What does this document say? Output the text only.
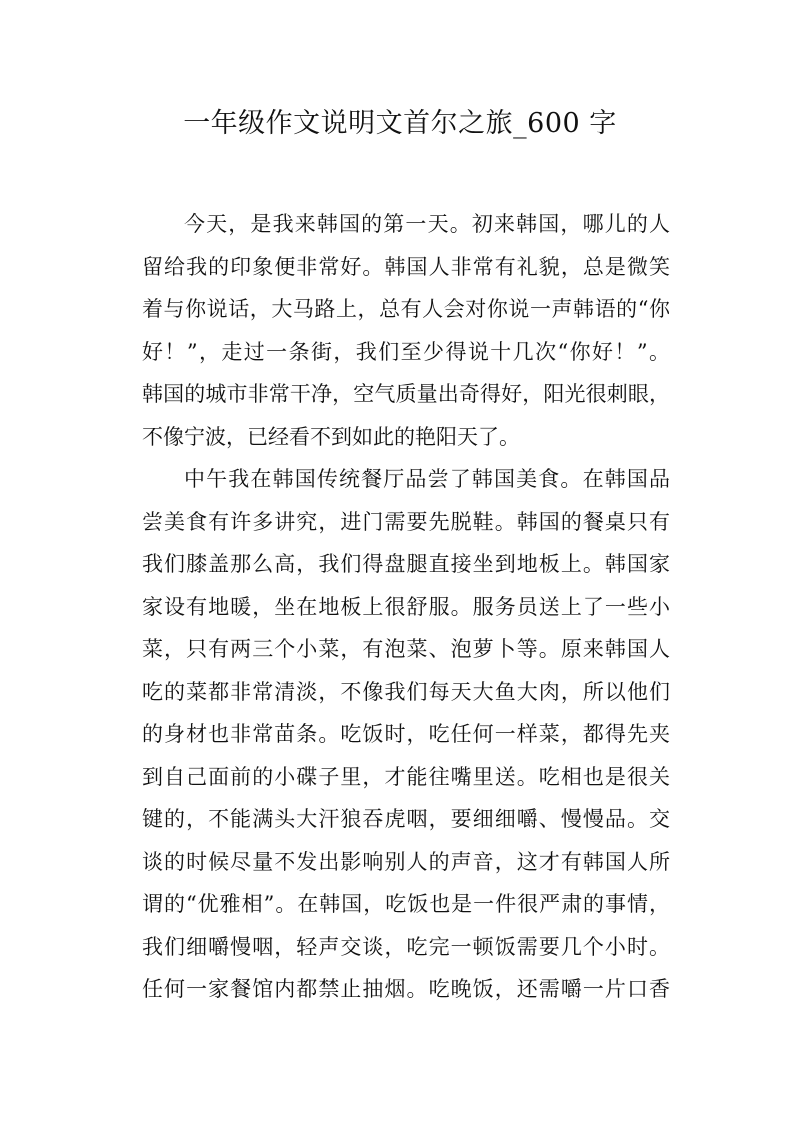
一年级作文说明文首尔之旅_600 字
今天，是我来韩国的第一天。初来韩国，哪儿的人
留给我的印象便非常好。韩国人非常有礼貌，总是微笑
着与你说话，大马路上，总有人会对你说一声韩语的“你
好！”，走过一条街，我们至少得说十几次“你好！”。
韩国的城市非常干净，空气质量出奇得好，阳光很刺眼，
不像宁波，已经看不到如此的艳阳天了。
中午我在韩国传统餐厅品尝了韩国美食。在韩国品
尝美食有许多讲究，进门需要先脱鞋。韩国的餐桌只有
我们膝盖那么高，我们得盘腿直接坐到地板上。韩国家
家设有地暖，坐在地板上很舒服。服务员送上了一些小
菜，只有两三个小菜，有泡菜、泡萝卜等。原来韩国人
吃的菜都非常清淡，不像我们每天大鱼大肉，所以他们
的身材也非常苗条。吃饭时，吃任何一样菜，都得先夹
到自己面前的小碟子里，才能往嘴里送。吃相也是很关
键的，不能满头大汗狼吞虎咽，要细细嚼、慢慢品。交
谈的时候尽量不发出影响别人的声音，这才有韩国人所
谓的“优雅相”。在韩国，吃饭也是一件很严肃的事情，
我们细嚼慢咽，轻声交谈，吃完一顿饭需要几个小时。
任何一家餐馆内都禁止抽烟。吃晚饭，还需嚼一片口香
